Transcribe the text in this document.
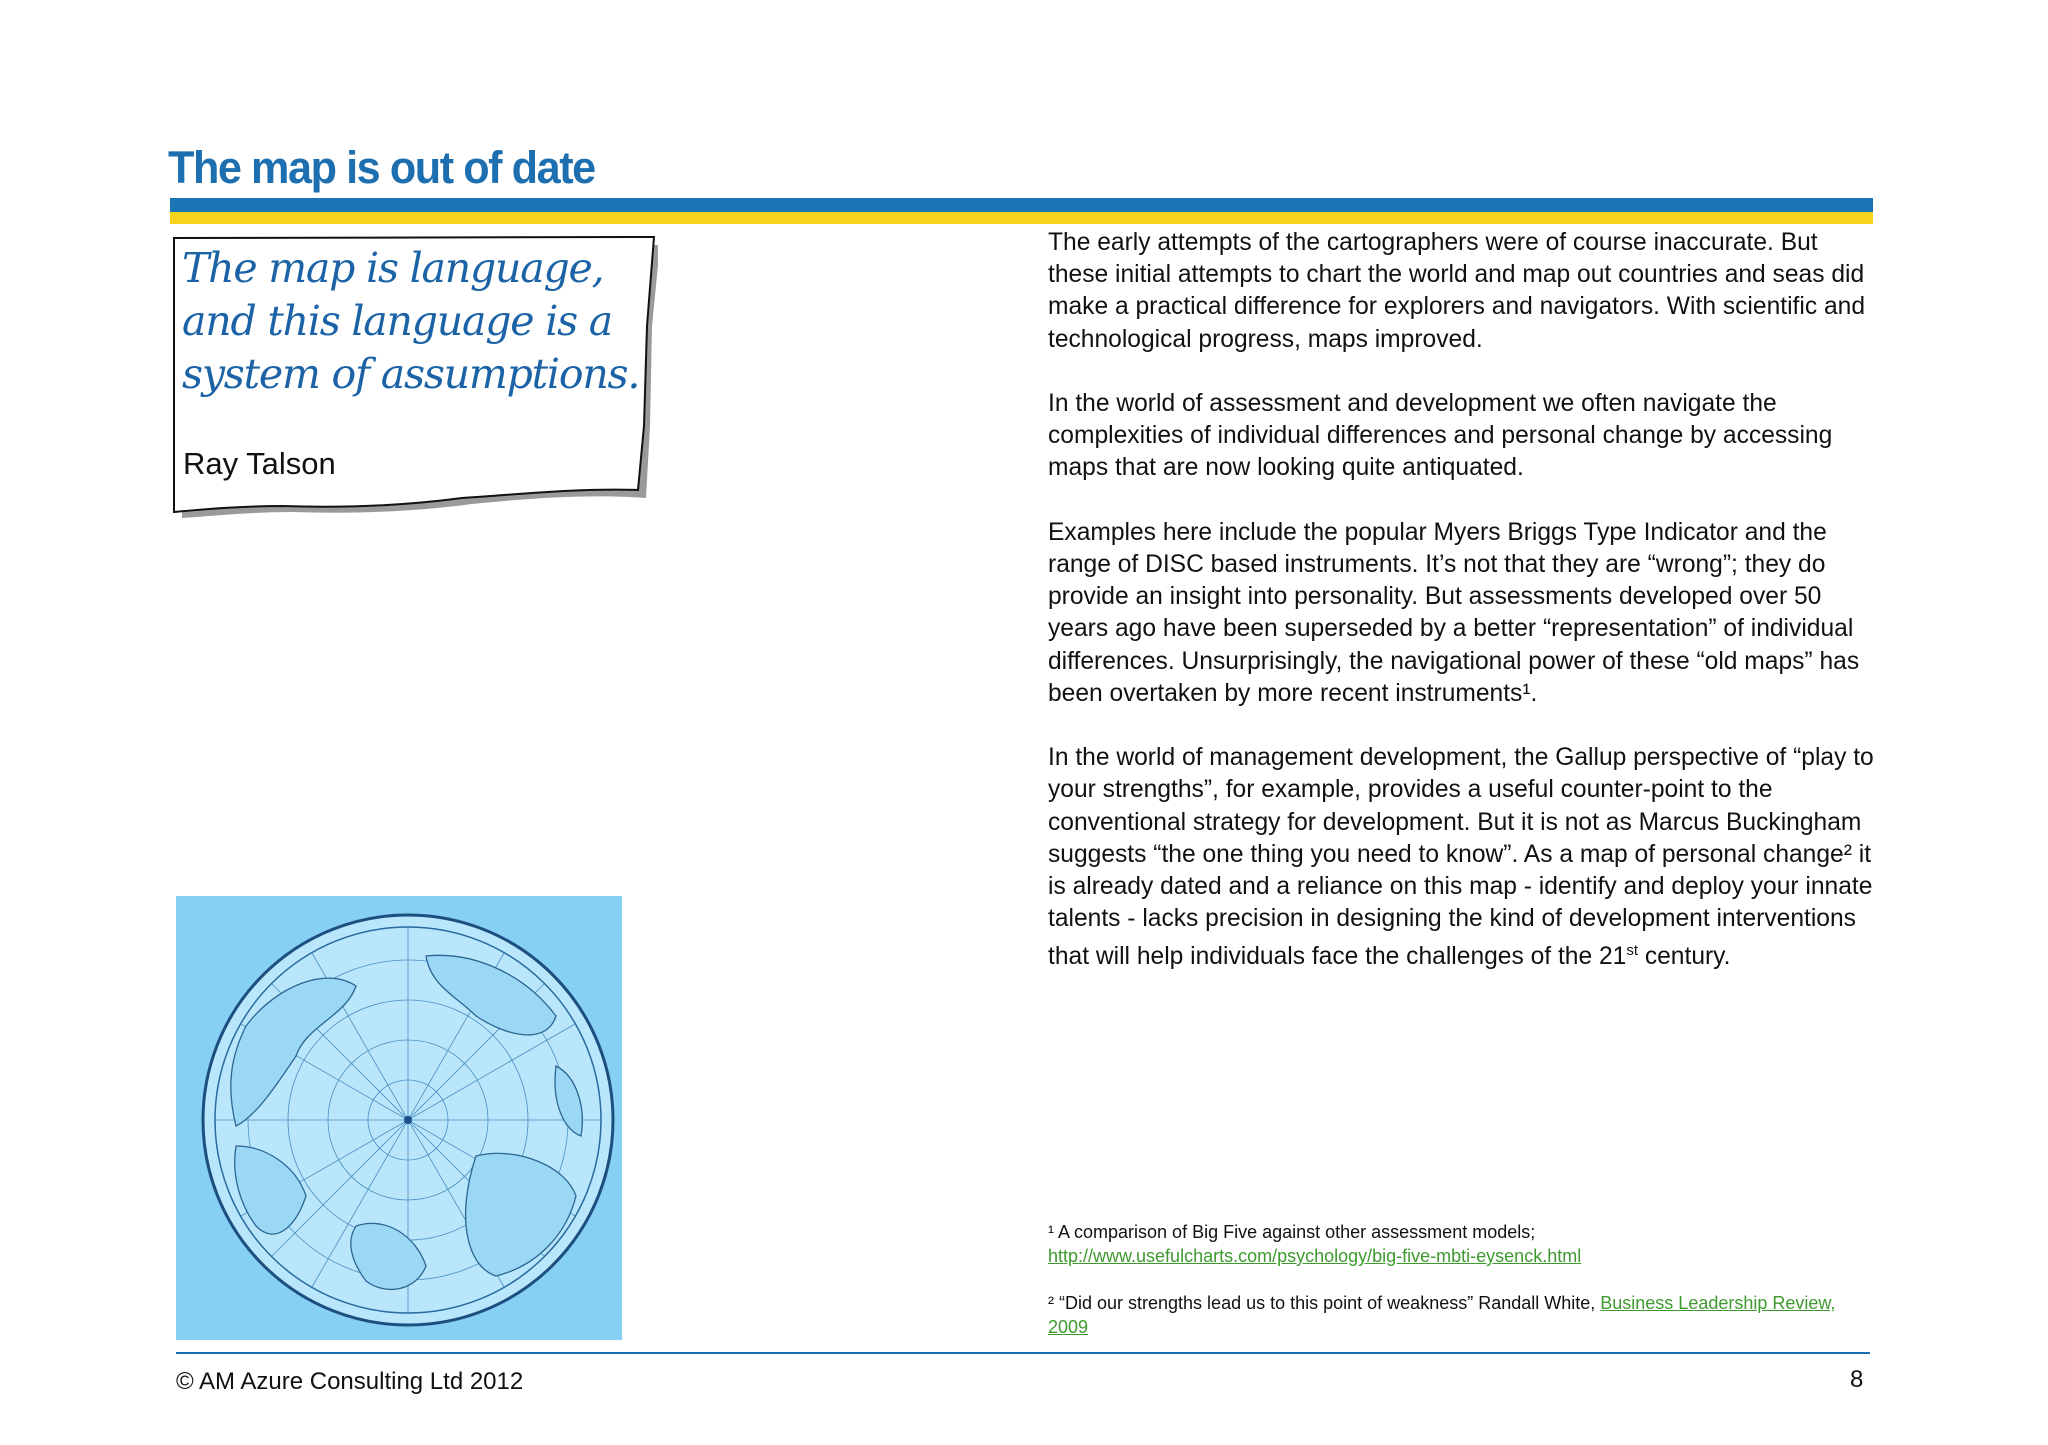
The map is out of date
The map is language, and this language is a system of assumptions.
Ray Talson

The early attempts of the cartographers were of course inaccurate. But these initial attempts to chart the world and map out countries and seas did make a practical difference for explorers and navigators. With scientific and technological progress, maps improved.

In the world of assessment and development we often navigate the complexities of individual differences and personal change by accessing maps that are now looking quite antiquated.

Examples here include the popular Myers Briggs Type Indicator and the range of DISC based instruments. It’s not that they are “wrong”; they do provide an insight into personality. But assessments developed over 50 years ago have been superseded by a better “representation” of individual differences. Unsurprisingly, the navigational power of these “old maps” has been overtaken by more recent instruments¹.

In the world of management development, the Gallup perspective of “play to your strengths”, for example, provides a useful counter-point to the conventional strategy for development. But it is not as Marcus Buckingham suggests “the one thing you need to know”. As a map of personal change² it is already dated and a reliance on this map - identify and deploy your innate talents - lacks precision in designing the kind of development interventions that will help individuals face the challenges of the 21st century.

¹ A comparison of Big Five against other assessment models;
http://www.usefulcharts.com/psychology/big-five-mbti-eysenck.html

² “Did our strengths lead us to this point of weakness” Randall White, Business Leadership Review, 2009

© AM Azure Consulting Ltd 2012	8
